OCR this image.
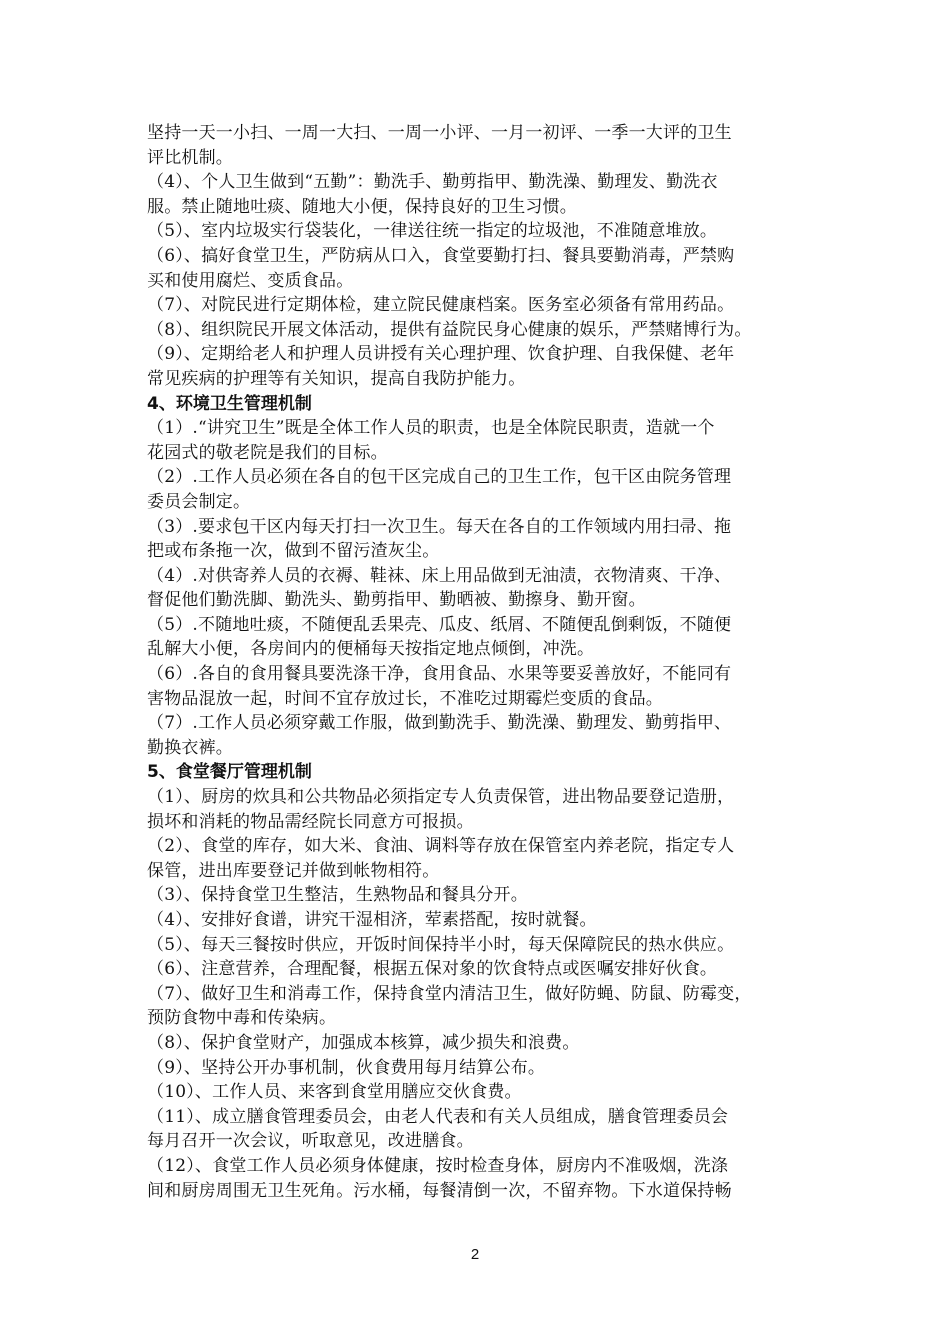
坚持一天一小扫、一周一大扫、一周一小评、一月一初评、一季一大评的卫生
评比机制。
（4）、个人卫生做到“五勤”：勤洗手、勤剪指甲、勤洗澡、勤理发、勤洗衣
服。禁止随地吐痰、随地大小便，保持良好的卫生习惯。
（5）、室内垃圾实行袋装化，一律送往统一指定的垃圾池，不准随意堆放。
（6）、搞好食堂卫生，严防病从口入，食堂要勤打扫、餐具要勤消毒，严禁购
买和使用腐烂、变质食品。
（7）、对院民进行定期体检，建立院民健康档案。医务室必须备有常用药品。
（8）、组织院民开展文体活动，提供有益院民身心健康的娱乐，严禁赌博行为。
（9）、定期给老人和护理人员讲授有关心理护理、饮食护理、自我保健、老年
常见疾病的护理等有关知识，提高自我防护能力。
4、环境卫生管理机制
（1）.“讲究卫生”既是全体工作人员的职责，也是全体院民职责，造就一个
花园式的敬老院是我们的目标。
（2）.工作人员必须在各自的包干区完成自己的卫生工作，包干区由院务管理
委员会制定。
（3）.要求包干区内每天打扫一次卫生。每天在各自的工作领域内用扫帚、拖
把或布条拖一次，做到不留污渣灰尘。
（4）.对供寄养人员的衣褥、鞋袜、床上用品做到无油渍，衣物清爽、干净、
督促他们勤洗脚、勤洗头、勤剪指甲、勤晒被、勤擦身、勤开窗。
（5）.不随地吐痰，不随便乱丢果壳、瓜皮、纸屑、不随便乱倒剩饭，不随便
乱解大小便，各房间内的便桶每天按指定地点倾倒，冲洗。
（6）.各自的食用餐具要洗涤干净，食用食品、水果等要妥善放好，不能同有
害物品混放一起，时间不宜存放过长，不准吃过期霉烂变质的食品。
（7）.工作人员必须穿戴工作服，做到勤洗手、勤洗澡、勤理发、勤剪指甲、
勤换衣裤。
5、食堂餐厅管理机制
（1）、厨房的炊具和公共物品必须指定专人负责保管，进出物品要登记造册，
损坏和消耗的物品需经院长同意方可报损。
（2）、食堂的库存，如大米、食油、调料等存放在保管室内养老院，指定专人
保管，进出库要登记并做到帐物相符。
（3）、保持食堂卫生整洁，生熟物品和餐具分开。
（4）、安排好食谱，讲究干湿相济，荤素搭配，按时就餐。
（5）、每天三餐按时供应，开饭时间保持半小时，每天保障院民的热水供应。
（6）、注意营养，合理配餐，根据五保对象的饮食特点或医嘱安排好伙食。
（7）、做好卫生和消毒工作，保持食堂内清洁卫生，做好防蝇、防鼠、防霉变，
预防食物中毒和传染病。
（8）、保护食堂财产，加强成本核算，减少损失和浪费。
（9）、坚持公开办事机制，伙食费用每月结算公布。
（10）、工作人员、来客到食堂用膳应交伙食费。
（11）、成立膳食管理委员会，由老人代表和有关人员组成，膳食管理委员会
每月召开一次会议，听取意见，改进膳食。
（12）、食堂工作人员必须身体健康，按时检查身体，厨房内不准吸烟，洗涤
间和厨房周围无卫生死角。污水桶，每餐清倒一次，不留弃物。下水道保持畅
2
